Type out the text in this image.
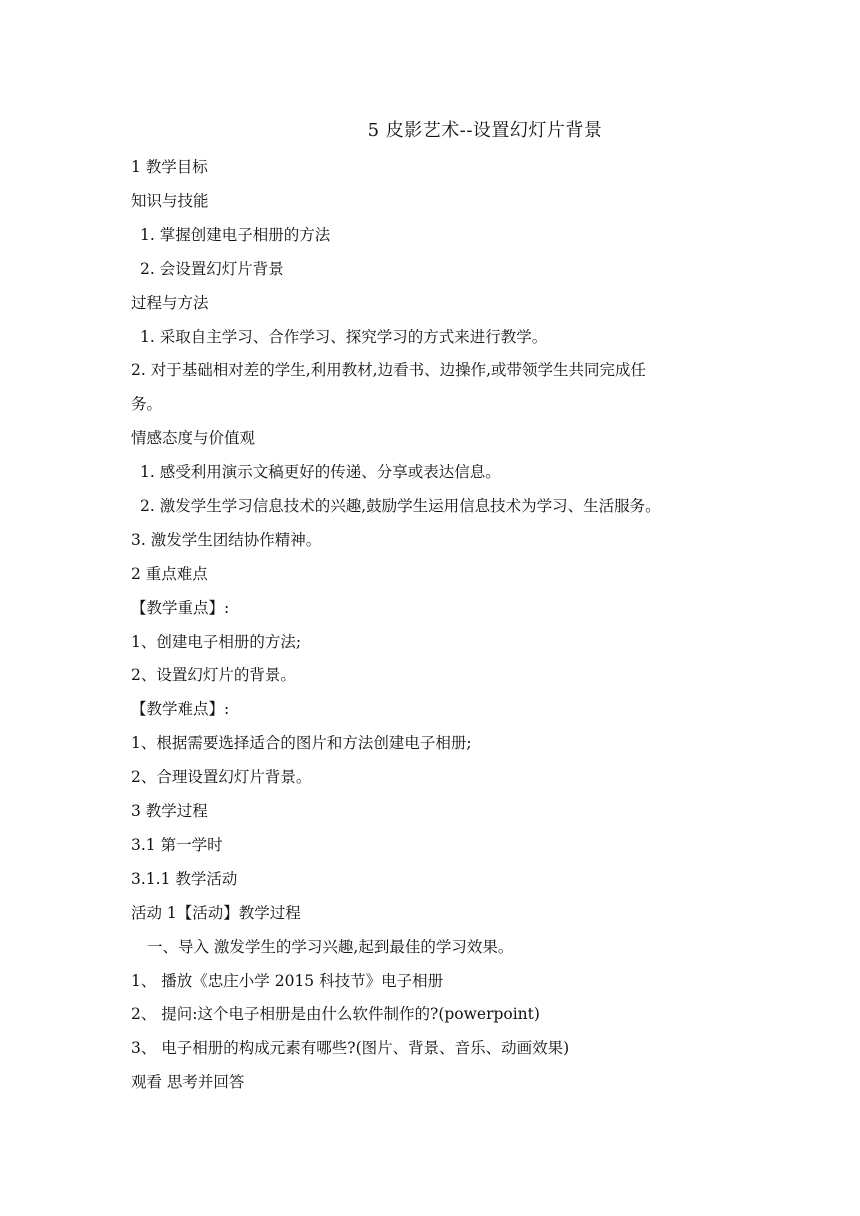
5 皮影艺术--设置幻灯片背景
1 教学目标
知识与技能
1. 掌握创建电子相册的方法
2. 会设置幻灯片背景
过程与方法
1. 采取自主学习、合作学习、探究学习的方式来进行教学。
2. 对于基础相对差的学生,利用教材,边看书、边操作,或带领学生共同完成任
务。
情感态度与价值观
1. 感受利用演示文稿更好的传递、分享或表达信息。
2. 激发学生学习信息技术的兴趣,鼓励学生运用信息技术为学习、生活服务。
3. 激发学生团结协作精神。
2 重点难点
【教学重点】:
1、创建电子相册的方法;
2、设置幻灯片的背景。
【教学难点】:
1、根据需要选择适合的图片和方法创建电子相册;
2、合理设置幻灯片背景。
3 教学过程
3.1 第一学时
3.1.1 教学活动
活动 1【活动】教学过程
一、导入 激发学生的学习兴趣,起到最佳的学习效果。
1、 播放《忠庄小学 2015 科技节》电子相册
2、 提问:这个电子相册是由什么软件制作的?(powerpoint)
3、 电子相册的构成元素有哪些?(图片、背景、音乐、动画效果)
观看 思考并回答
